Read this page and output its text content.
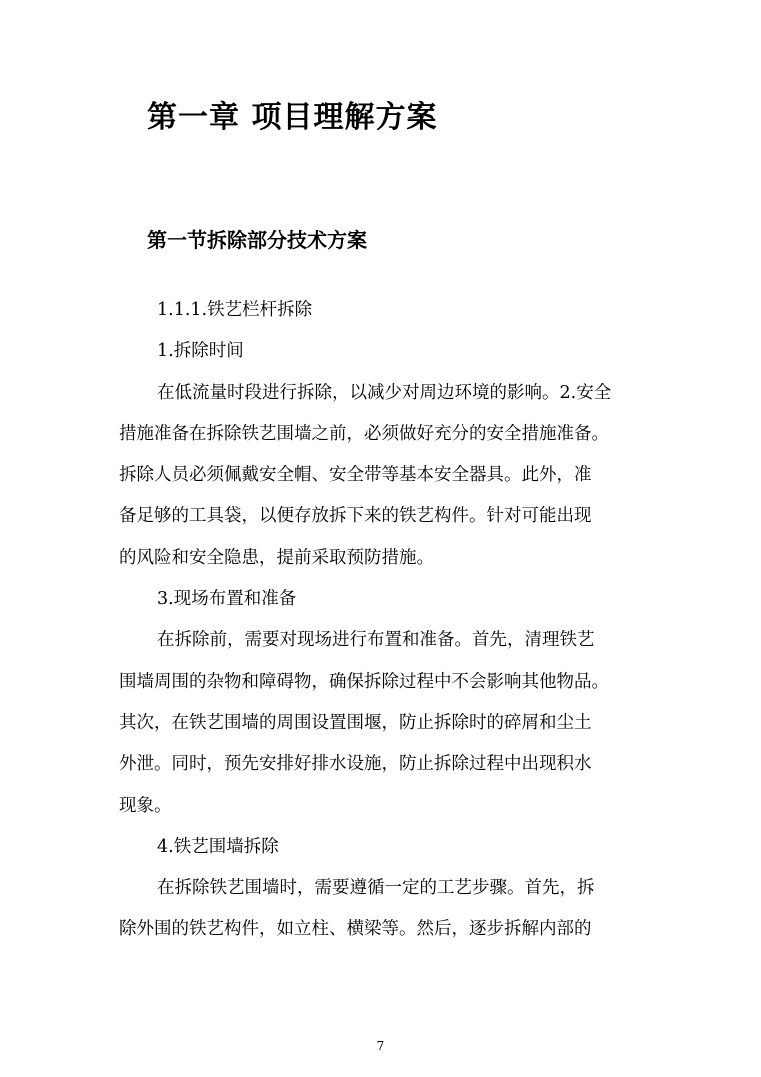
第一章 项目理解方案
第一节拆除部分技术方案
1.1.1.铁艺栏杆拆除
1.拆除时间
在低流量时段进行拆除，以减少对周边环境的影响。2.安全
措施准备在拆除铁艺围墙之前，必须做好充分的安全措施准备。
拆除人员必须佩戴安全帽、安全带等基本安全器具。此外，准
备足够的工具袋，以便存放拆下来的铁艺构件。针对可能出现
的风险和安全隐患，提前采取预防措施。
3.现场布置和准备
在拆除前，需要对现场进行布置和准备。首先，清理铁艺
围墙周围的杂物和障碍物，确保拆除过程中不会影响其他物品。
其次，在铁艺围墙的周围设置围堰，防止拆除时的碎屑和尘土
外泄。同时，预先安排好排水设施，防止拆除过程中出现积水
现象。
4.铁艺围墙拆除
在拆除铁艺围墙时，需要遵循一定的工艺步骤。首先，拆
除外围的铁艺构件，如立柱、横梁等。然后，逐步拆解内部的
7
